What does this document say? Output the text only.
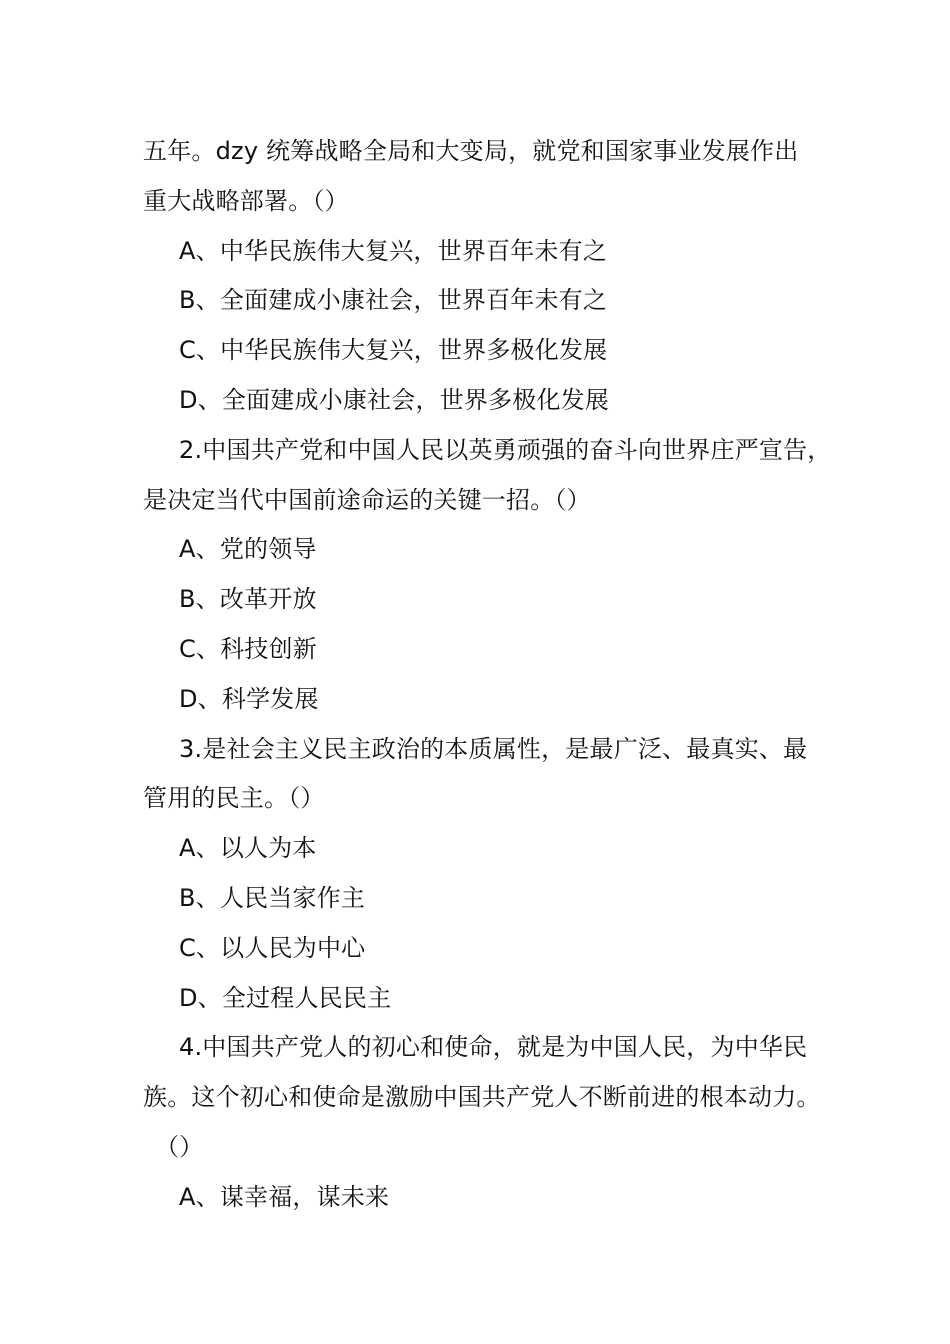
五年。dzy 统筹战略全局和大变局，就党和国家事业发展作出
重大战略部署。（）
A、中华民族伟大复兴，世界百年未有之
B、全面建成小康社会，世界百年未有之
C、中华民族伟大复兴，世界多极化发展
D、全面建成小康社会，世界多极化发展
2.中国共产党和中国人民以英勇顽强的奋斗向世界庄严宣告，
是决定当代中国前途命运的关键一招。（）
A、党的领导
B、改革开放
C、科技创新
D、科学发展
3.是社会主义民主政治的本质属性，是最广泛、最真实、最
管用的民主。（）
A、以人为本
B、人民当家作主
C、以人民为中心
D、全过程人民民主
4.中国共产党人的初心和使命，就是为中国人民，为中华民
族。这个初心和使命是激励中国共产党人不断前进的根本动力。
（）
A、谋幸福，谋未来
